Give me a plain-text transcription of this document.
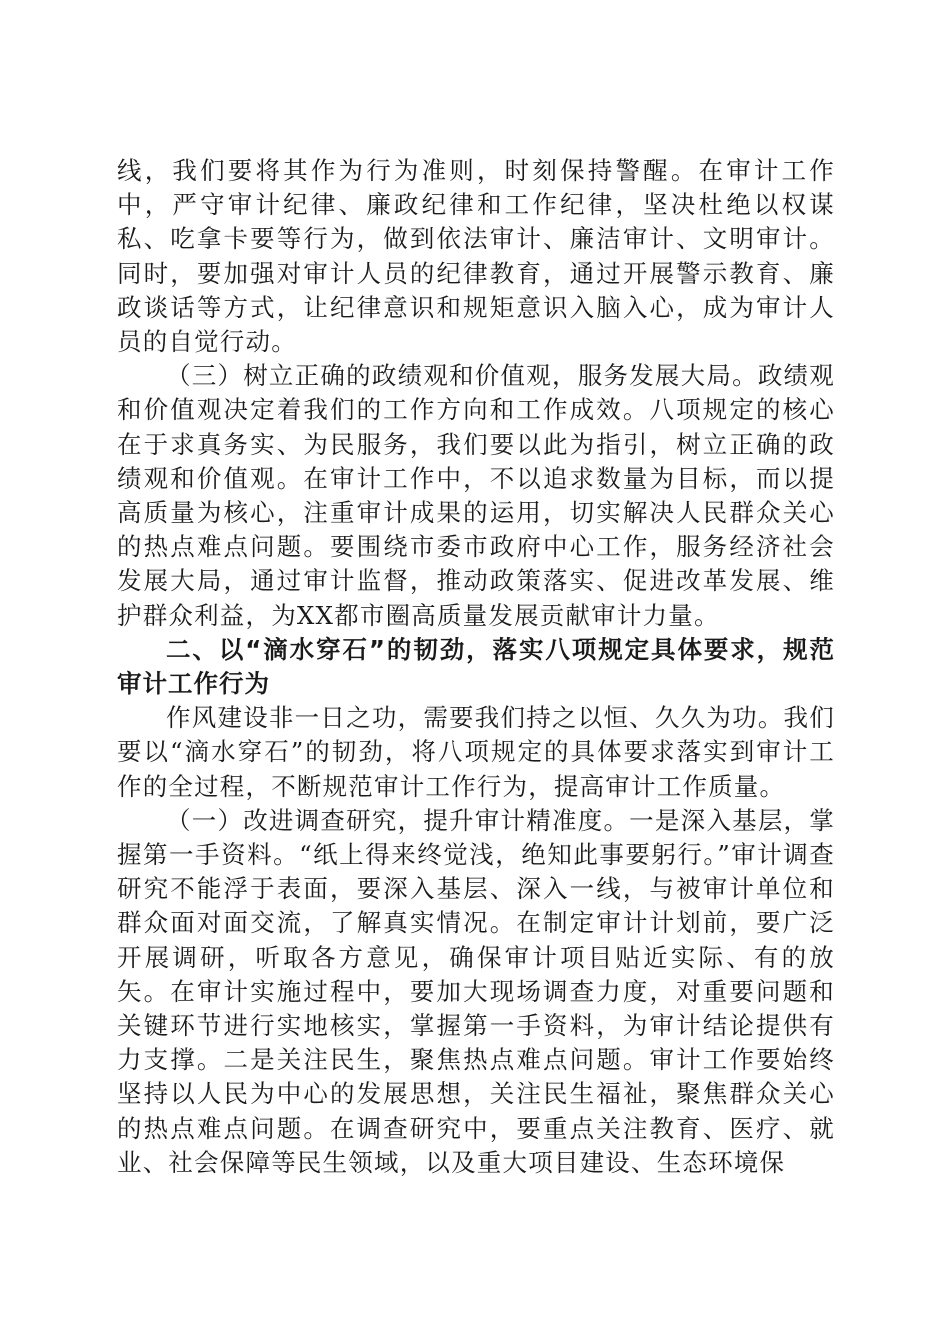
线，我们要将其作为行为准则，时刻保持警醒。在审计工作中，严守审计纪律、廉政纪律和工作纪律，坚决杜绝以权谋私、吃拿卡要等行为，做到依法审计、廉洁审计、文明审计。同时，要加强对审计人员的纪律教育，通过开展警示教育、廉政谈话等方式，让纪律意识和规矩意识入脑入心，成为审计人员的自觉行动。

（三）树立正确的政绩观和价值观，服务发展大局。政绩观和价值观决定着我们的工作方向和工作成效。八项规定的核心在于求真务实、为民服务，我们要以此为指引，树立正确的政绩观和价值观。在审计工作中，不以追求数量为目标，而以提高质量为核心，注重审计成果的运用，切实解决人民群众关心的热点难点问题。要围绕市委市政府中心工作，服务经济社会发展大局，通过审计监督，推动政策落实、促进改革发展、维护群众利益，为XX都市圈高质量发展贡献审计力量。

二、以“滴水穿石”的韧劲，落实八项规定具体要求，规范审计工作行为

作风建设非一日之功，需要我们持之以恒、久久为功。我们要以“滴水穿石”的韧劲，将八项规定的具体要求落实到审计工作的全过程，不断规范审计工作行为，提高审计工作质量。

（一）改进调查研究，提升审计精准度。一是深入基层，掌握第一手资料。“纸上得来终觉浅，绝知此事要躬行。”审计调查研究不能浮于表面，要深入基层、深入一线，与被审计单位和群众面对面交流，了解真实情况。在制定审计计划前，要广泛开展调研，听取各方意见，确保审计项目贴近实际、有的放矢。在审计实施过程中，要加大现场调查力度，对重要问题和关键环节进行实地核实，掌握第一手资料，为审计结论提供有力支撑。二是关注民生，聚焦热点难点问题。审计工作要始终坚持以人民为中心的发展思想，关注民生福祉，聚焦群众关心的热点难点问题。在调查研究中，要重点关注教育、医疗、就业、社会保障等民生领域，以及重大项目建设、生态环境保
